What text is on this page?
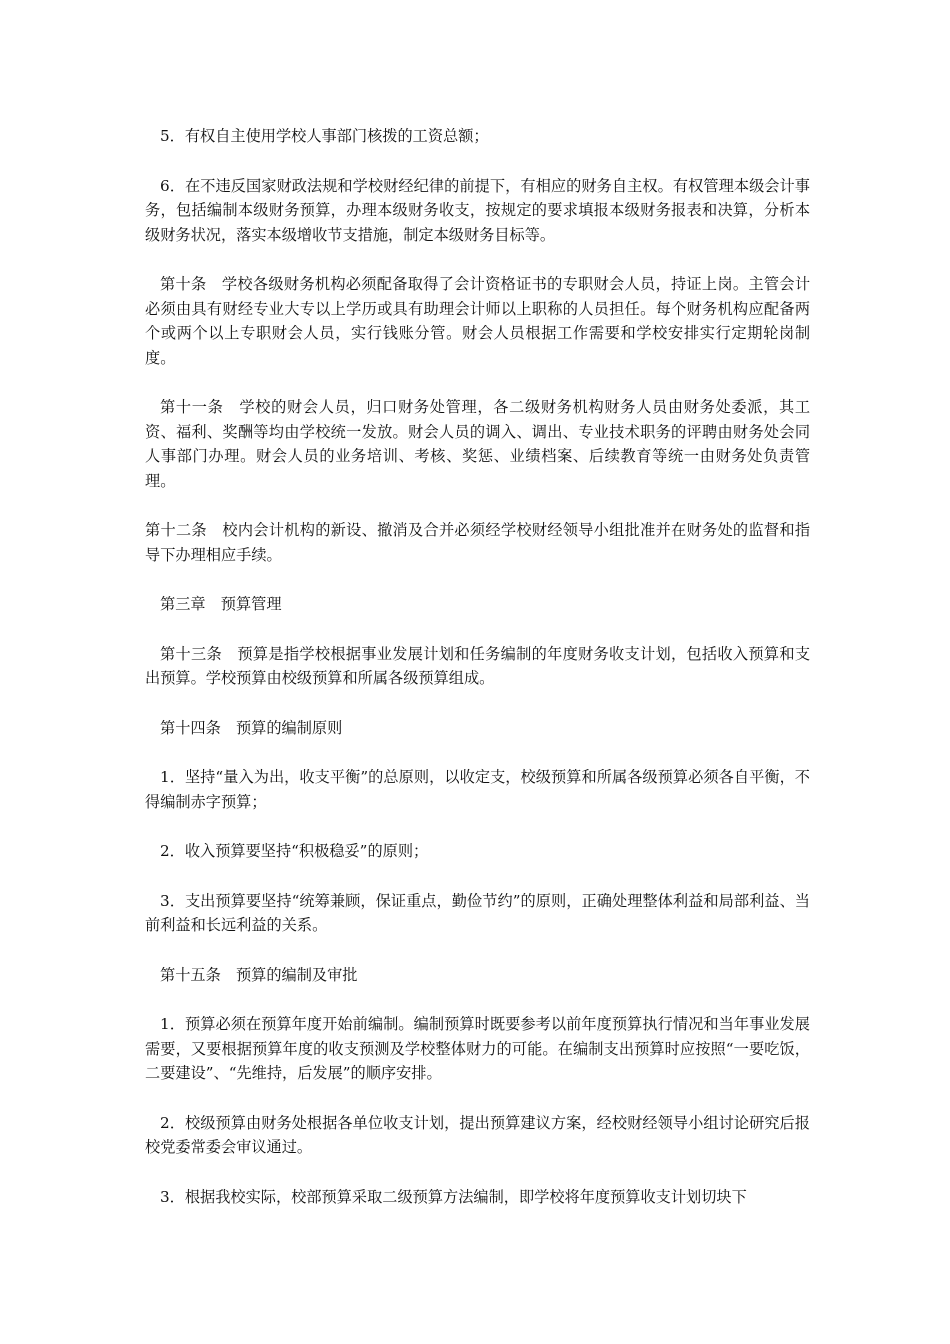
5．有权自主使用学校人事部门核拨的工资总额；

6．在不违反国家财政法规和学校财经纪律的前提下，有相应的财务自主权。有权管理本级会计事务，包括编制本级财务预算，办理本级财务收支，按规定的要求填报本级财务报表和决算，分析本级财务状况，落实本级增收节支措施，制定本级财务目标等。

第十条　学校各级财务机构必须配备取得了会计资格证书的专职财会人员，持证上岗。主管会计必须由具有财经专业大专以上学历或具有助理会计师以上职称的人员担任。每个财务机构应配备两个或两个以上专职财会人员，实行钱账分管。财会人员根据工作需要和学校安排实行定期轮岗制度。

第十一条　学校的财会人员，归口财务处管理，各二级财务机构财务人员由财务处委派，其工资、福利、奖酬等均由学校统一发放。财会人员的调入、调出、专业技术职务的评聘由财务处会同人事部门办理。财会人员的业务培训、考核、奖惩、业绩档案、后续教育等统一由财务处负责管理。

第十二条　校内会计机构的新设、撤消及合并必须经学校财经领导小组批准并在财务处的监督和指导下办理相应手续。

第三章　预算管理

第十三条　预算是指学校根据事业发展计划和任务编制的年度财务收支计划，包括收入预算和支出预算。学校预算由校级预算和所属各级预算组成。

第十四条　预算的编制原则

1．坚持“量入为出，收支平衡”的总原则，以收定支，校级预算和所属各级预算必须各自平衡，不得编制赤字预算；

2．收入预算要坚持“积极稳妥”的原则；

3．支出预算要坚持“统筹兼顾，保证重点，勤俭节约”的原则，正确处理整体利益和局部利益、当前利益和长远利益的关系。

第十五条　预算的编制及审批

1．预算必须在预算年度开始前编制。编制预算时既要参考以前年度预算执行情况和当年事业发展需要，又要根据预算年度的收支预测及学校整体财力的可能。在编制支出预算时应按照“一要吃饭，二要建设”、“先维持，后发展”的顺序安排。

2．校级预算由财务处根据各单位收支计划，提出预算建议方案，经校财经领导小组讨论研究后报校党委常委会审议通过。

3．根据我校实际，校部预算采取二级预算方法编制，即学校将年度预算收支计划切块下
